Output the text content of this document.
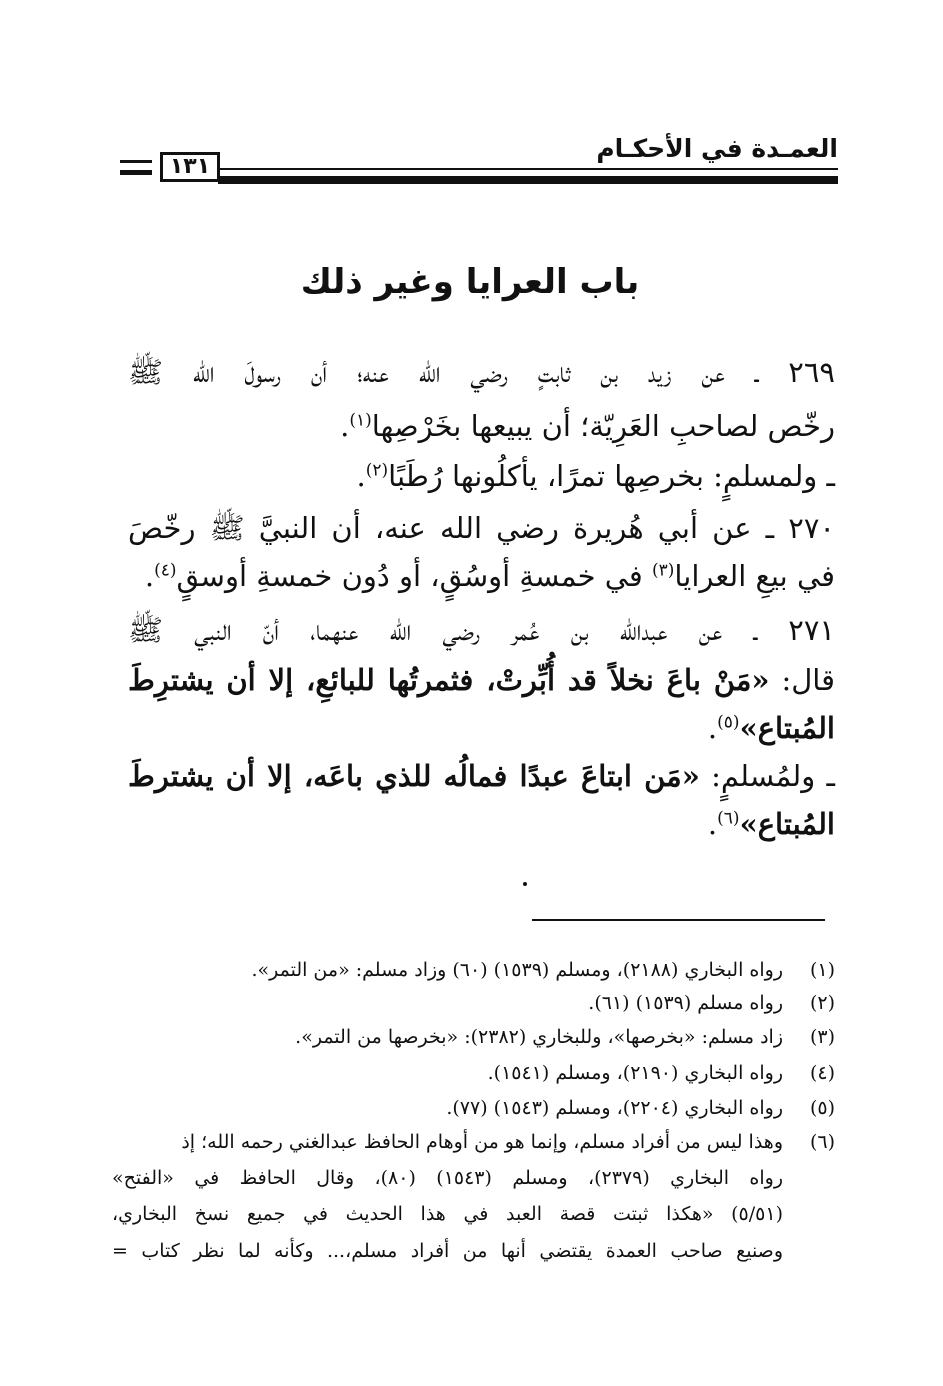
العمـدة في الأحكـام
١٣١
باب العرايا وغير ذلك
٢٦٩ ـ عن زيد بن ثابتٍ رضي الله عنه؛ أن رسولَ الله ﷺ
رخّص لصاحبِ العَرِيّة؛ أن يبيعها بخَرْصِها$^{(١)}$.
ـ ولمسلمٍ: بخرصِها تمرًا، يأكلُونها رُطَبًا$^{(٢)}$.
٢٧٠ ـ عن أبي هُريرة رضي الله عنه، أن النبيَّ ﷺ رخّصَ
في بيعِ العرايا$^{(٣)}$ في خمسةِ أوسُقٍ، أو دُون خمسةِ أوسقٍ$^{(٤)}$.
٢٧١ ـ عن عبدالله بن عُمر رضي الله عنهما، أنّ النبي ﷺ
قال: «مَنْ باعَ نخلاً قد أُبِّرتْ، فثمرتُها للبائعِ، إلا أن يشترِطَ
المُبتاع»$^{(٥)}$.
ـ ولمُسلمٍ: «مَن ابتاعَ عبدًا فمالُه للذي باعَه، إلا أن يشترطَ
المُبتاع»$^{(٦)}$.
(١)رواه البخاري (٢١٨٨)، ومسلم (١٥٣٩) (٦٠) وزاد مسلم: «من التمر».
(٢)رواه مسلم (١٥٣٩) (٦١).
(٣)زاد مسلم: «بخرصها»، وللبخاري (٢٣٨٢): «بخرصها من التمر».
(٤)رواه البخاري (٢١٩٠)، ومسلم (١٥٤١).
(٥)رواه البخاري (٢٢٠٤)، ومسلم (١٥٤٣) (٧٧).
(٦)وهذا ليس من أفراد مسلم، وإنما هو من أوهام الحافظ عبدالغني رحمه الله؛ إذ
رواه البخاري (٢٣٧٩)، ومسلم (١٥٤٣) (٨٠)، وقال الحافظ في «الفتح»
(٥/٥١) «هكذا ثبتت قصة العبد في هذا الحديث في جميع نسخ البخاري،
وصنيع صاحب العمدة يقتضي أنها من أفراد مسلم،... وكأنه لما نظر كتاب =
